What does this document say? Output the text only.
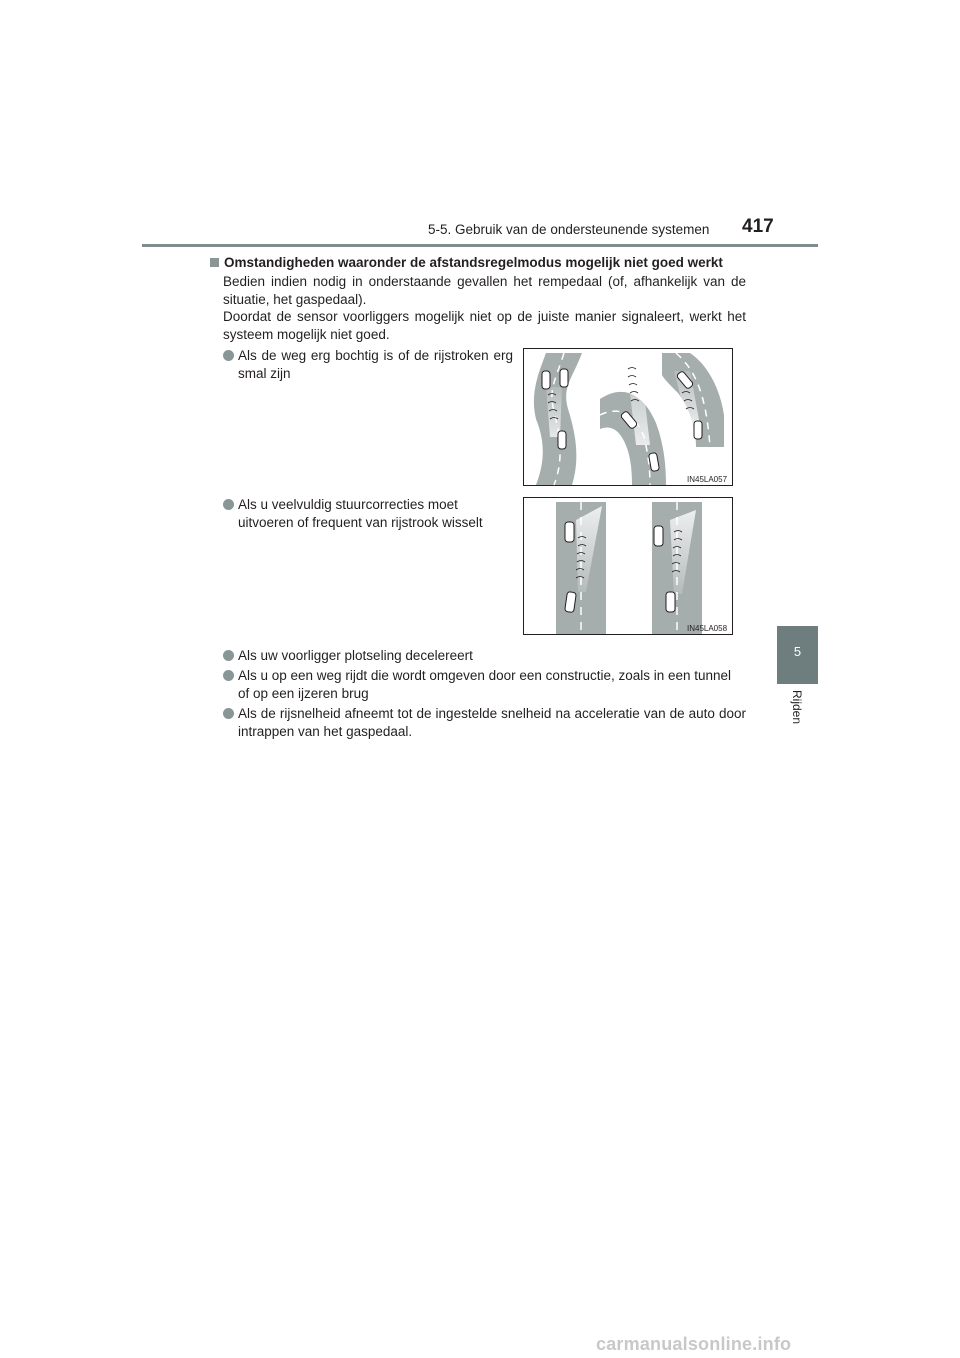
5-5. Gebruik van de ondersteunende systemen 417
5
Rijden
Omstandigheden waaronder de afstandsregelmodus mogelijk niet goed werkt

Bedien indien nodig in onderstaande gevallen het rempedaal (of, afhankelijk van de situatie, het gaspedaal).

Doordat de sensor voorliggers mogelijk niet op de juiste manier signaleert, werkt het systeem mogelijk niet goed.

Als de weg erg bochtig is of de rijstroken erg smal zijn
IN45LA057
Als u veelvuldig stuurcorrecties moet uitvoeren of frequent van rijstrook wisselt
IN45LA058
Als uw voorligger plotseling decelereert
Als u op een weg rijdt die wordt omgeven door een constructie, zoals in een tunnel of op een ijzeren brug
Als de rijsnelheid afneemt tot de ingestelde snelheid na acceleratie van de auto door intrappen van het gaspedaal.
carmanualsonline.info
